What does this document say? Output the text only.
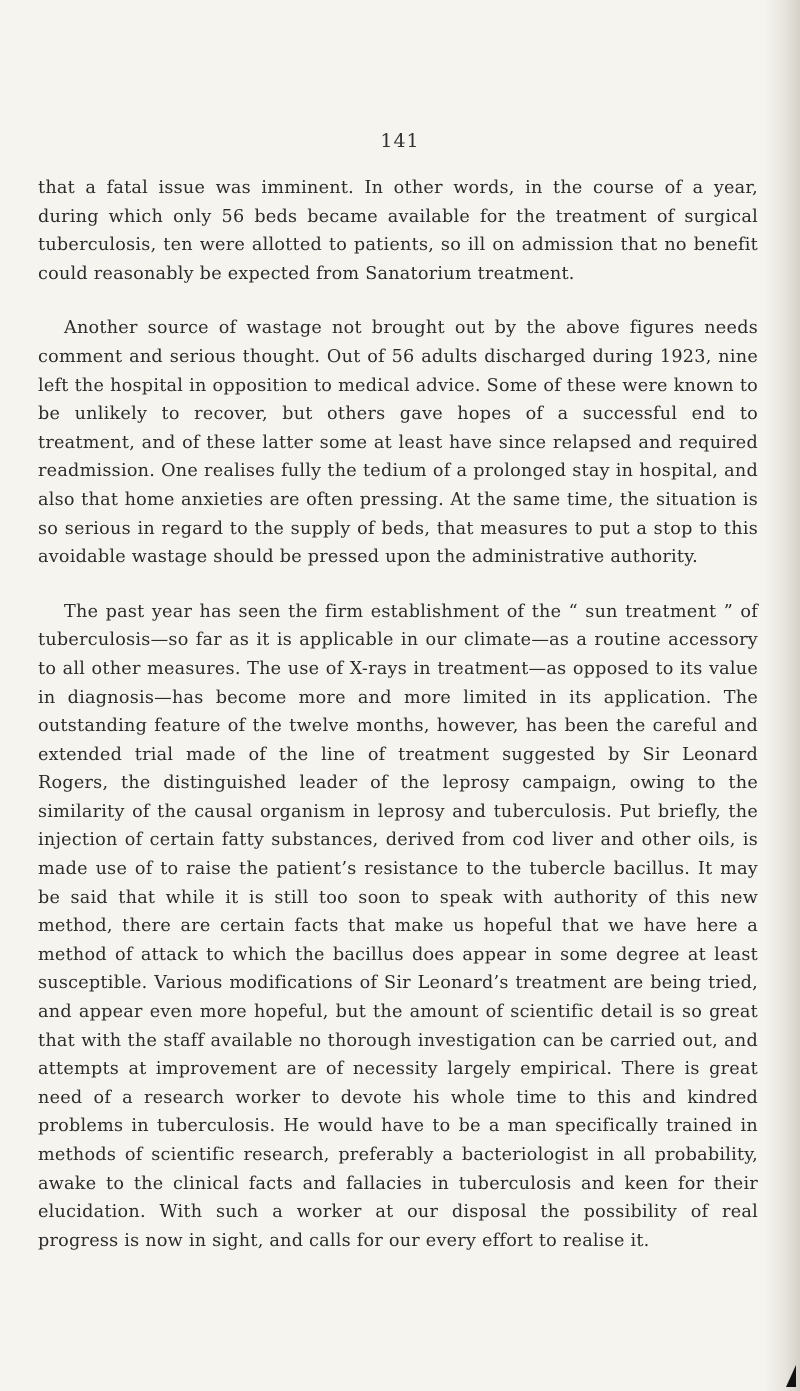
141

that a fatal issue was imminent. In other words, in the course of a year, during which only 56 beds became available for the treatment of surgical tuberculosis, ten were allotted to patients, so ill on admission that no benefit could reasonably be expected from Sanatorium treatment.

Another source of wastage not brought out by the above figures needs comment and serious thought. Out of 56 adults discharged during 1923, nine left the hospital in opposition to medical advice. Some of these were known to be unlikely to recover, but others gave hopes of a successful end to treatment, and of these latter some at least have since relapsed and required readmission. One realises fully the tedium of a prolonged stay in hospital, and also that home anxieties are often pressing. At the same time, the situation is so serious in regard to the supply of beds, that measures to put a stop to this avoidable wastage should be pressed upon the administrative authority.

The past year has seen the firm establishment of the “ sun treatment ” of tuberculosis—so far as it is applicable in our climate—as a routine accessory to all other measures. The use of X-rays in treatment—as opposed to its value in diagnosis—has become more and more limited in its application. The outstanding feature of the twelve months, however, has been the careful and extended trial made of the line of treatment suggested by Sir Leonard Rogers, the distinguished leader of the leprosy campaign, owing to the similarity of the causal organism in leprosy and tuberculosis. Put briefly, the injection of certain fatty substances, derived from cod liver and other oils, is made use of to raise the patient’s resistance to the tubercle bacillus. It may be said that while it is still too soon to speak with authority of this new method, there are certain facts that make us hopeful that we have here a method of attack to which the bacillus does appear in some degree at least susceptible. Various modifications of Sir Leonard’s treatment are being tried, and appear even more hopeful, but the amount of scientific detail is so great that with the staff available no thorough investigation can be carried out, and attempts at improvement are of necessity largely empirical. There is great need of a research worker to devote his whole time to this and kindred problems in tuberculosis. He would have to be a man specifically trained in methods of scientific research, preferably a bacteriologist in all probability, awake to the clinical facts and fallacies in tuberculosis and keen for their elucidation. With such a worker at our disposal the possibility of real progress is now in sight, and calls for our every effort to realise it.
